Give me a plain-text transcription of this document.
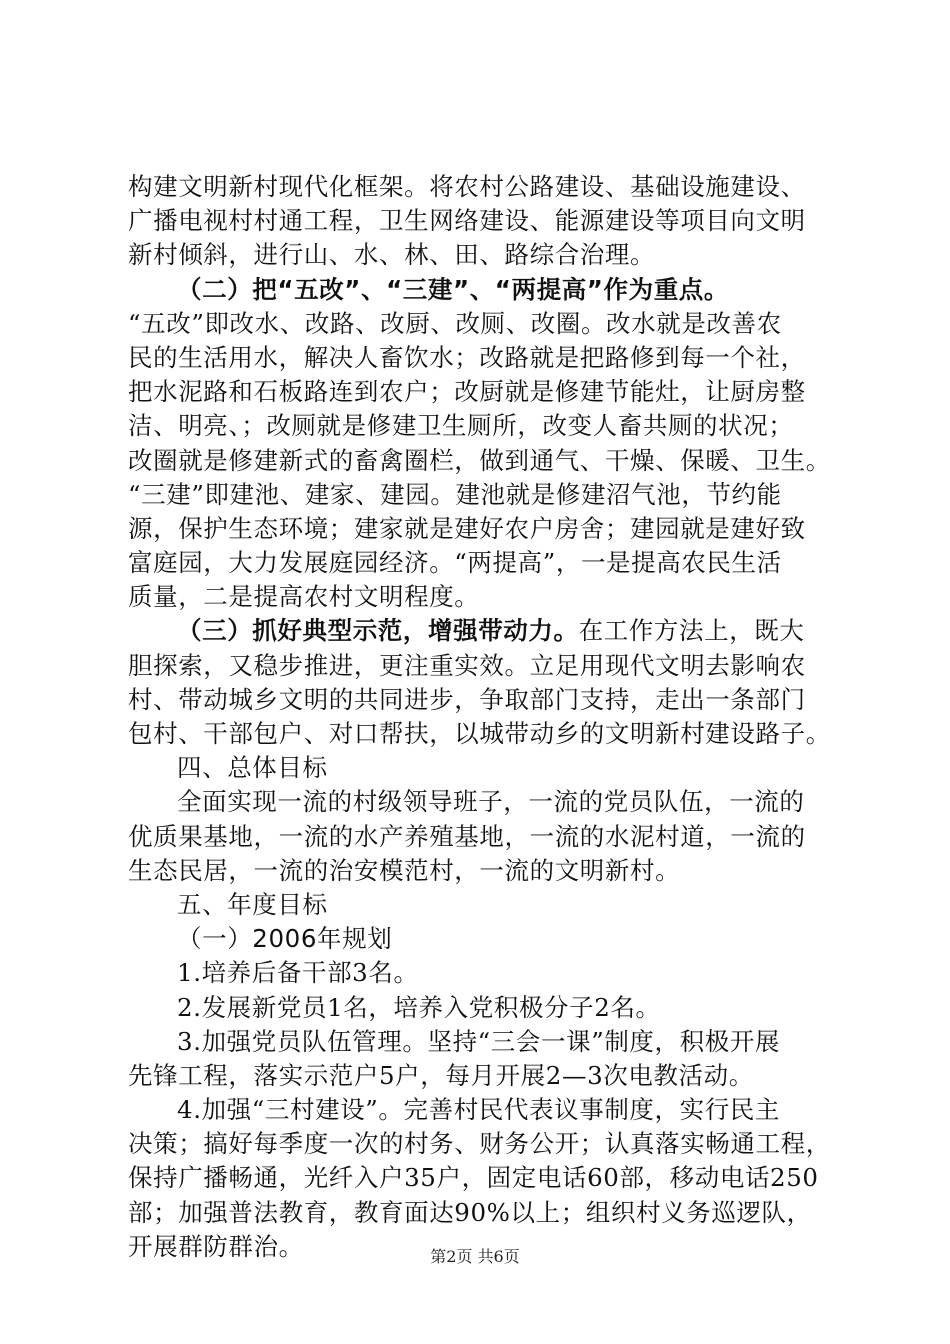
构建文明新村现代化框架。将农村公路建设、基础设施建设、
广播电视村村通工程，卫生网络建设、能源建设等项目向文明
新村倾斜，进行山、水、林、田、路综合治理。
（二）把“五改”、“三建”、“两提高”作为重点。
“五改”即改水、改路、改厨、改厕、改圈。改水就是改善农
民的生活用水，解决人畜饮水；改路就是把路修到每一个社，
把水泥路和石板路连到农户；改厨就是修建节能灶，让厨房整
洁、明亮、；改厕就是修建卫生厕所，改变人畜共厕的状况；
改圈就是修建新式的畜禽圈栏，做到通气、干燥、保暖、卫生。
“三建”即建池、建家、建园。建池就是修建沼气池，节约能
源，保护生态环境；建家就是建好农户房舍；建园就是建好致
富庭园，大力发展庭园经济。“两提高”，一是提高农民生活
质量，二是提高农村文明程度。
（三）抓好典型示范，增强带动力。在工作方法上，既大
胆探索，又稳步推进，更注重实效。立足用现代文明去影响农
村、带动城乡文明的共同进步，争取部门支持，走出一条部门
包村、干部包户、对口帮扶，以城带动乡的文明新村建设路子。
四、总体目标
全面实现一流的村级领导班子，一流的党员队伍，一流的
优质果基地，一流的水产养殖基地，一流的水泥村道，一流的
生态民居，一流的治安模范村，一流的文明新村。
五、年度目标
（一）2006年规划
1.培养后备干部3名。
2.发展新党员1名，培养入党积极分子2名。
3.加强党员队伍管理。坚持“三会一课”制度，积极开展
先锋工程，落实示范户5户，每月开展2—3次电教活动。
4.加强“三村建设”。完善村民代表议事制度，实行民主
决策；搞好每季度一次的村务、财务公开；认真落实畅通工程，
保持广播畅通，光纤入户35户，固定电话60部，移动电话250
部；加强普法教育，教育面达90%以上；组织村义务巡逻队，
开展群防群治。	第2页 共6页
